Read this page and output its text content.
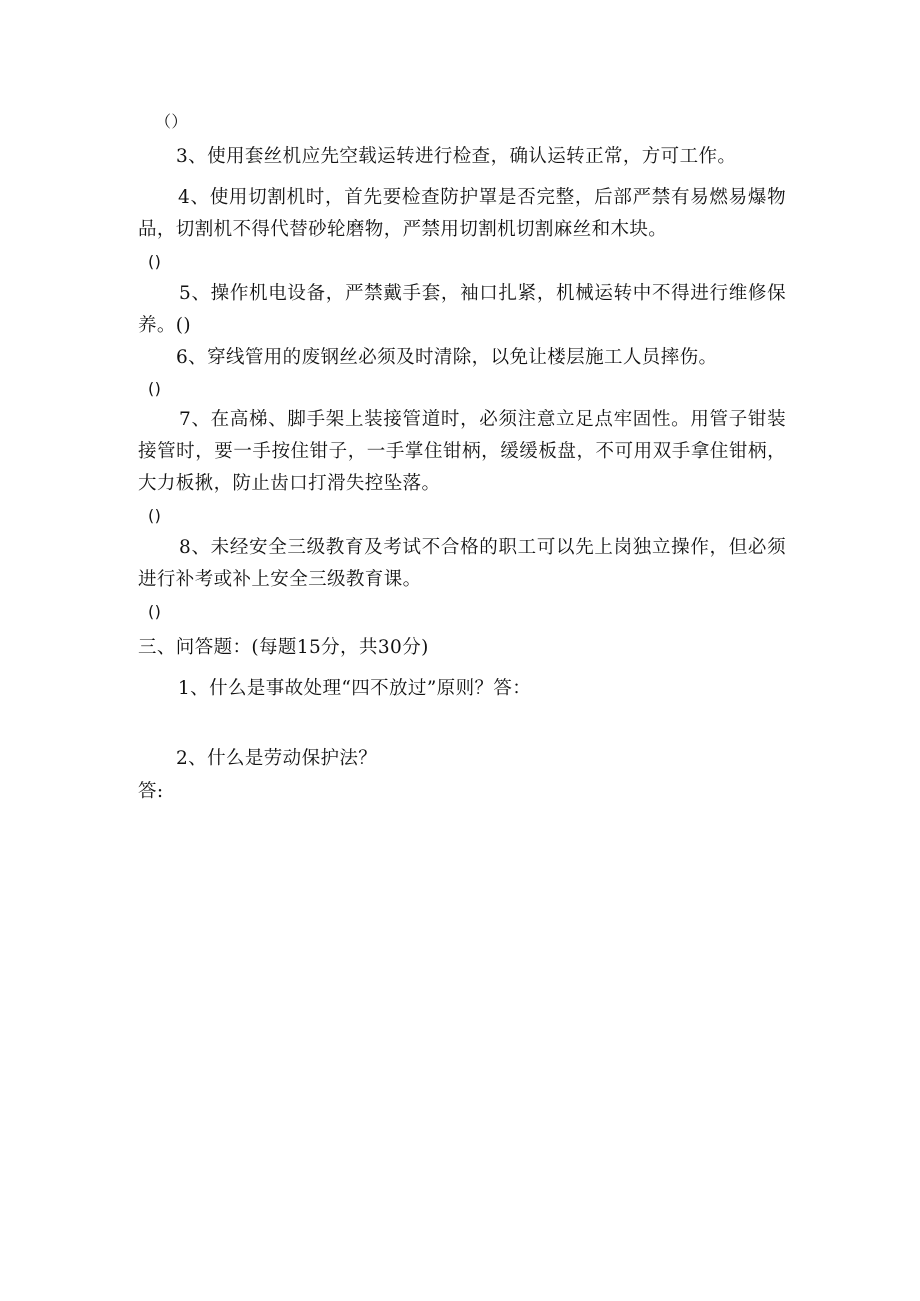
（）
3、使用套丝机应先空载运转进行检查，确认运转正常，方可工作。
4、使用切割机时，首先要检查防护罩是否完整，后部严禁有易燃易爆物品，切割机不得代替砂轮磨物，严禁用切割机切割麻丝和木块。
()
5、操作机电设备，严禁戴手套，袖口扎紧，机械运转中不得进行维修保养。()
6、穿线管用的废钢丝必须及时清除，以免让楼层施工人员摔伤。
()
7、在高梯、脚手架上装接管道时，必须注意立足点牢固性。用管子钳装接管时，要一手按住钳子，一手掌住钳柄，缓缓板盘，不可用双手拿住钳柄，大力板揪，防止齿口打滑失控坠落。
()
8、未经安全三级教育及考试不合格的职工可以先上岗独立操作，但必须进行补考或补上安全三级教育课。
()
三、问答题：(每题15分，共30分)
1、什么是事故处理“四不放过”原则？答：
2、什么是劳动保护法？
答:
